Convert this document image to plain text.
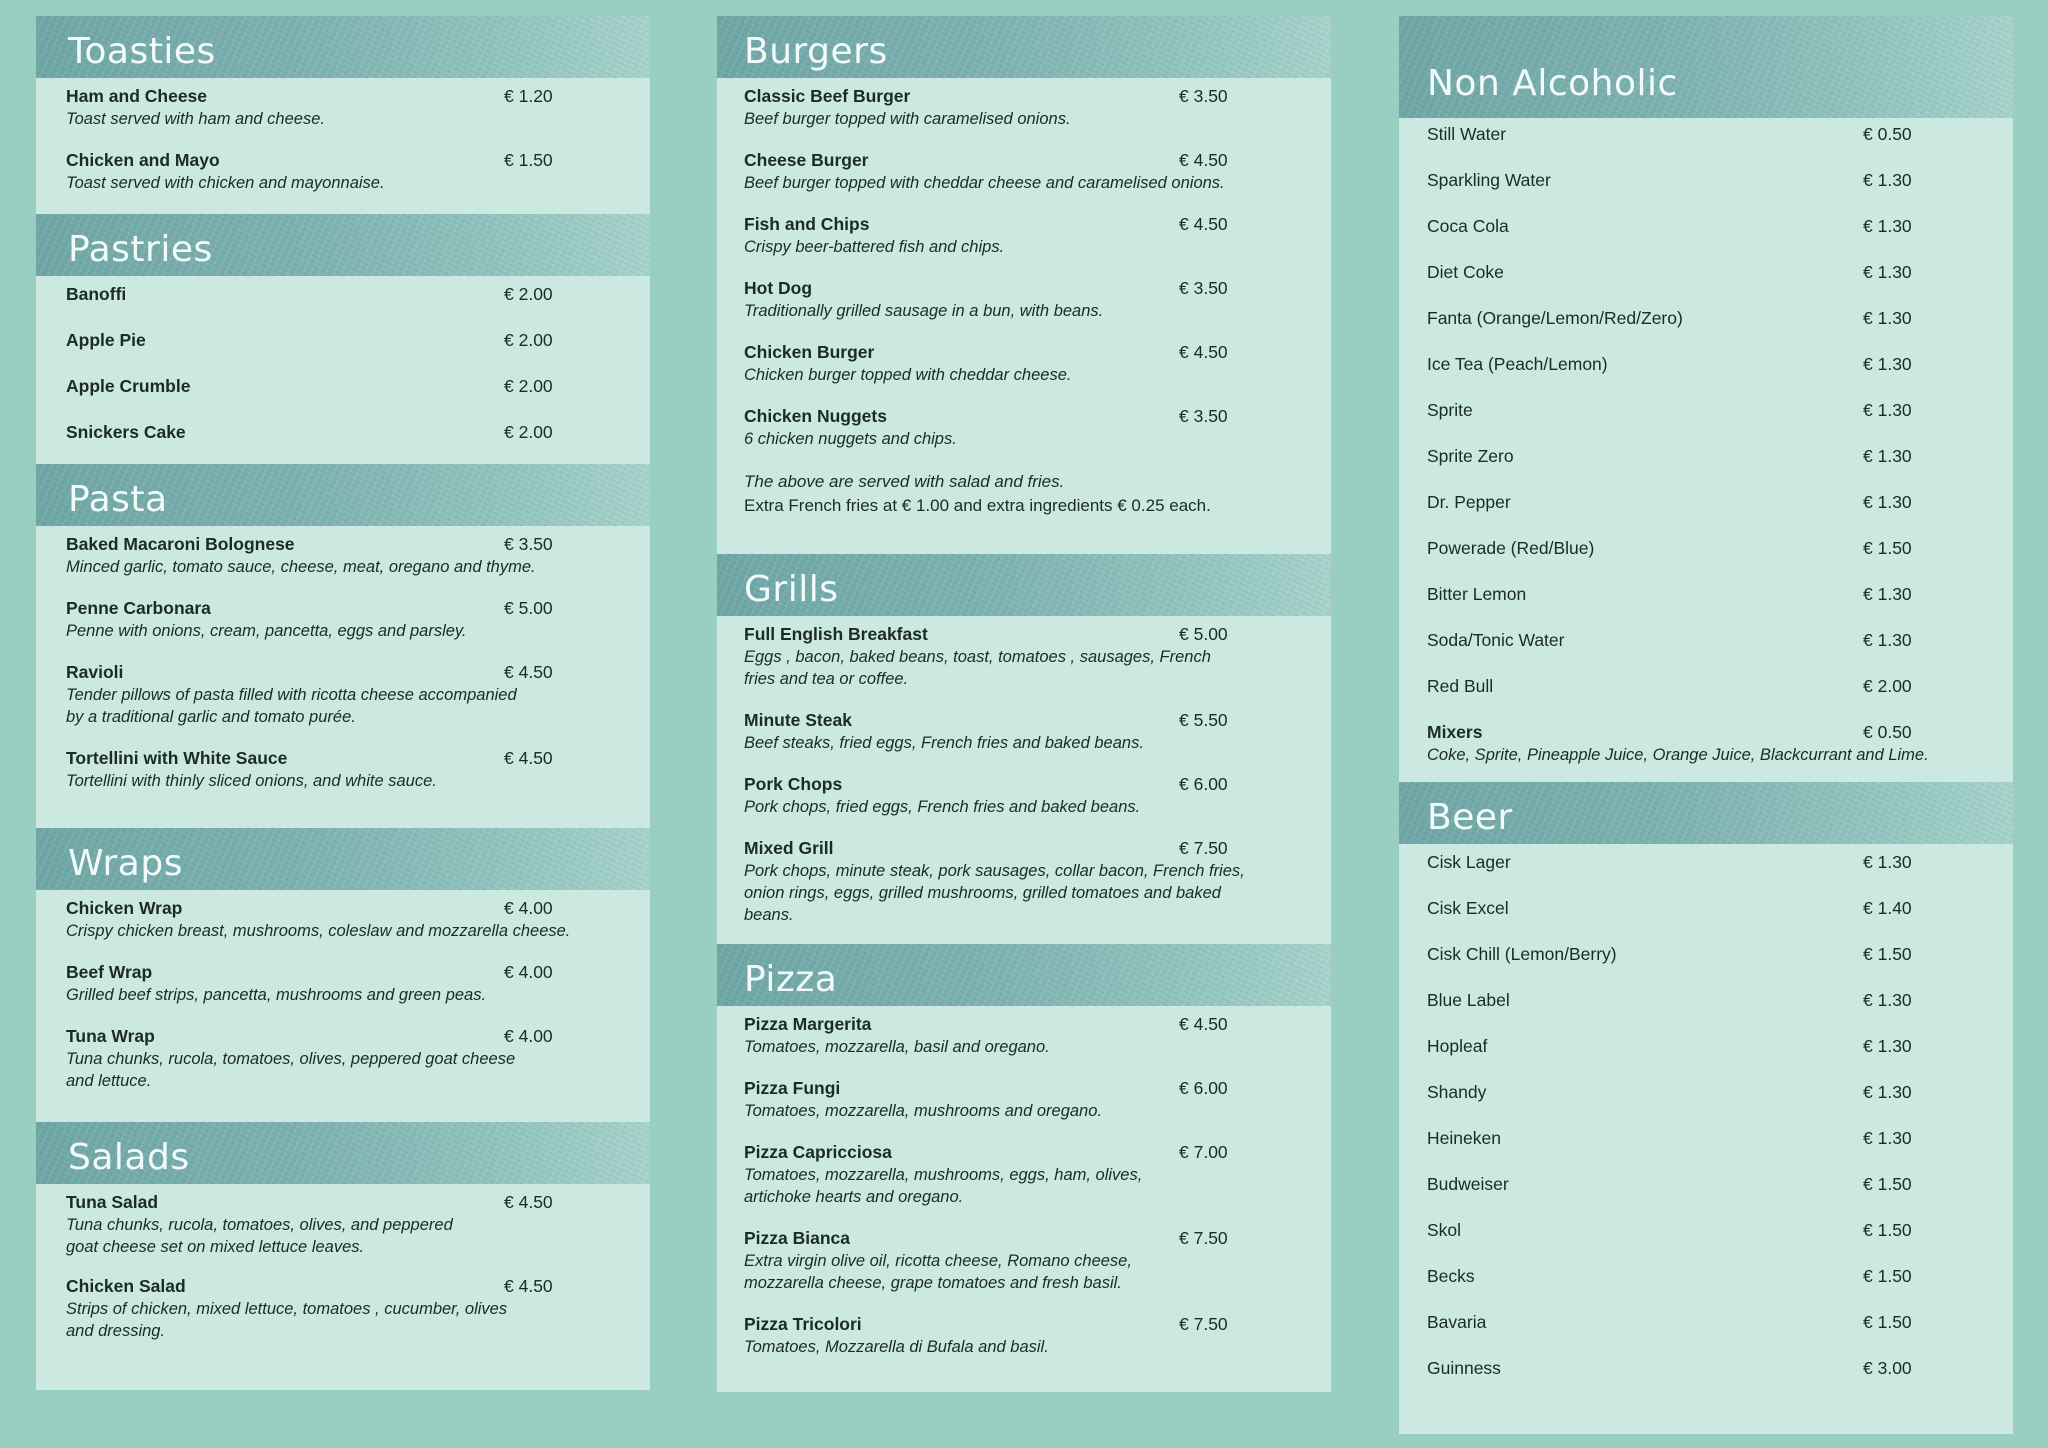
Toasties
Ham and Cheese	€ 1.20
Toast served with ham and cheese.
Chicken and Mayo	€ 1.50
Toast served with chicken and mayonnaise.
Pastries
Banoffi	€ 2.00
Apple Pie	€ 2.00
Apple Crumble	€ 2.00
Snickers Cake	€ 2.00
Pasta
Baked Macaroni Bolognese	€ 3.50
Minced garlic, tomato sauce, cheese, meat, oregano and thyme.
Penne Carbonara	€ 5.00
Penne with onions, cream, pancetta, eggs and parsley.
Ravioli	€ 4.50
Tender pillows of pasta filled with ricotta cheese accompanied by a traditional garlic and tomato purée.
Tortellini with White Sauce	€ 4.50
Tortellini with thinly sliced onions, and white sauce.
Wraps
Chicken Wrap	€ 4.00
Crispy chicken breast, mushrooms, coleslaw and mozzarella cheese.
Beef Wrap	€ 4.00
Grilled beef strips, pancetta, mushrooms and green peas.
Tuna Wrap	€ 4.00
Tuna chunks, rucola, tomatoes, olives, peppered goat cheese and lettuce.
Salads
Tuna Salad	€ 4.50
Tuna chunks, rucola, tomatoes, olives, and peppered goat cheese set on mixed lettuce leaves.
Chicken Salad	€ 4.50
Strips of chicken, mixed lettuce, tomatoes , cucumber, olives and dressing.
Burgers
Classic Beef Burger	€ 3.50
Beef burger topped with caramelised onions.
Cheese Burger	€ 4.50
Beef burger topped with cheddar cheese and caramelised onions.
Fish and Chips	€ 4.50
Crispy beer-battered fish and chips.
Hot Dog	€ 3.50
Traditionally grilled sausage in a bun, with beans.
Chicken Burger	€ 4.50
Chicken burger topped with cheddar cheese.
Chicken Nuggets	€ 3.50
6 chicken nuggets and chips.
The above are served with salad and fries.
Extra French fries at € 1.00 and extra ingredients € 0.25 each.
Grills
Full English Breakfast	€ 5.00
Eggs , bacon, baked beans, toast, tomatoes , sausages, French fries and tea or coffee.
Minute Steak	€ 5.50
Beef steaks, fried eggs, French fries and baked beans.
Pork Chops	€ 6.00
Pork chops, fried eggs, French fries and baked beans.
Mixed Grill	€ 7.50
Pork chops, minute steak, pork sausages, collar bacon, French fries, onion rings, eggs, grilled mushrooms, grilled tomatoes and baked beans.
Pizza
Pizza Margerita	€ 4.50
Tomatoes, mozzarella, basil and oregano.
Pizza Fungi	€ 6.00
Tomatoes, mozzarella, mushrooms and oregano.
Pizza Capricciosa	€ 7.00
Tomatoes, mozzarella, mushrooms, eggs, ham, olives, artichoke hearts and oregano.
Pizza Bianca	€ 7.50
Extra virgin olive oil, ricotta cheese, Romano cheese, mozzarella cheese, grape tomatoes and fresh basil.
Pizza Tricolori	€ 7.50
Tomatoes, Mozzarella di Bufala and basil.
Non Alcoholic
Still Water	€ 0.50
Sparkling Water	€ 1.30
Coca Cola	€ 1.30
Diet Coke	€ 1.30
Fanta (Orange/Lemon/Red/Zero)	€ 1.30
Ice Tea (Peach/Lemon)	€ 1.30
Sprite	€ 1.30
Sprite Zero	€ 1.30
Dr. Pepper	€ 1.30
Powerade (Red/Blue)	€ 1.50
Bitter Lemon	€ 1.30
Soda/Tonic Water	€ 1.30
Red Bull	€ 2.00
Mixers	€ 0.50
Coke, Sprite, Pineapple Juice, Orange Juice, Blackcurrant and Lime.
Beer
Cisk Lager	€ 1.30
Cisk Excel	€ 1.40
Cisk Chill (Lemon/Berry)	€ 1.50
Blue Label	€ 1.30
Hopleaf	€ 1.30
Shandy	€ 1.30
Heineken	€ 1.30
Budweiser	€ 1.50
Skol	€ 1.50
Becks	€ 1.50
Bavaria	€ 1.50
Guinness	€ 3.00
